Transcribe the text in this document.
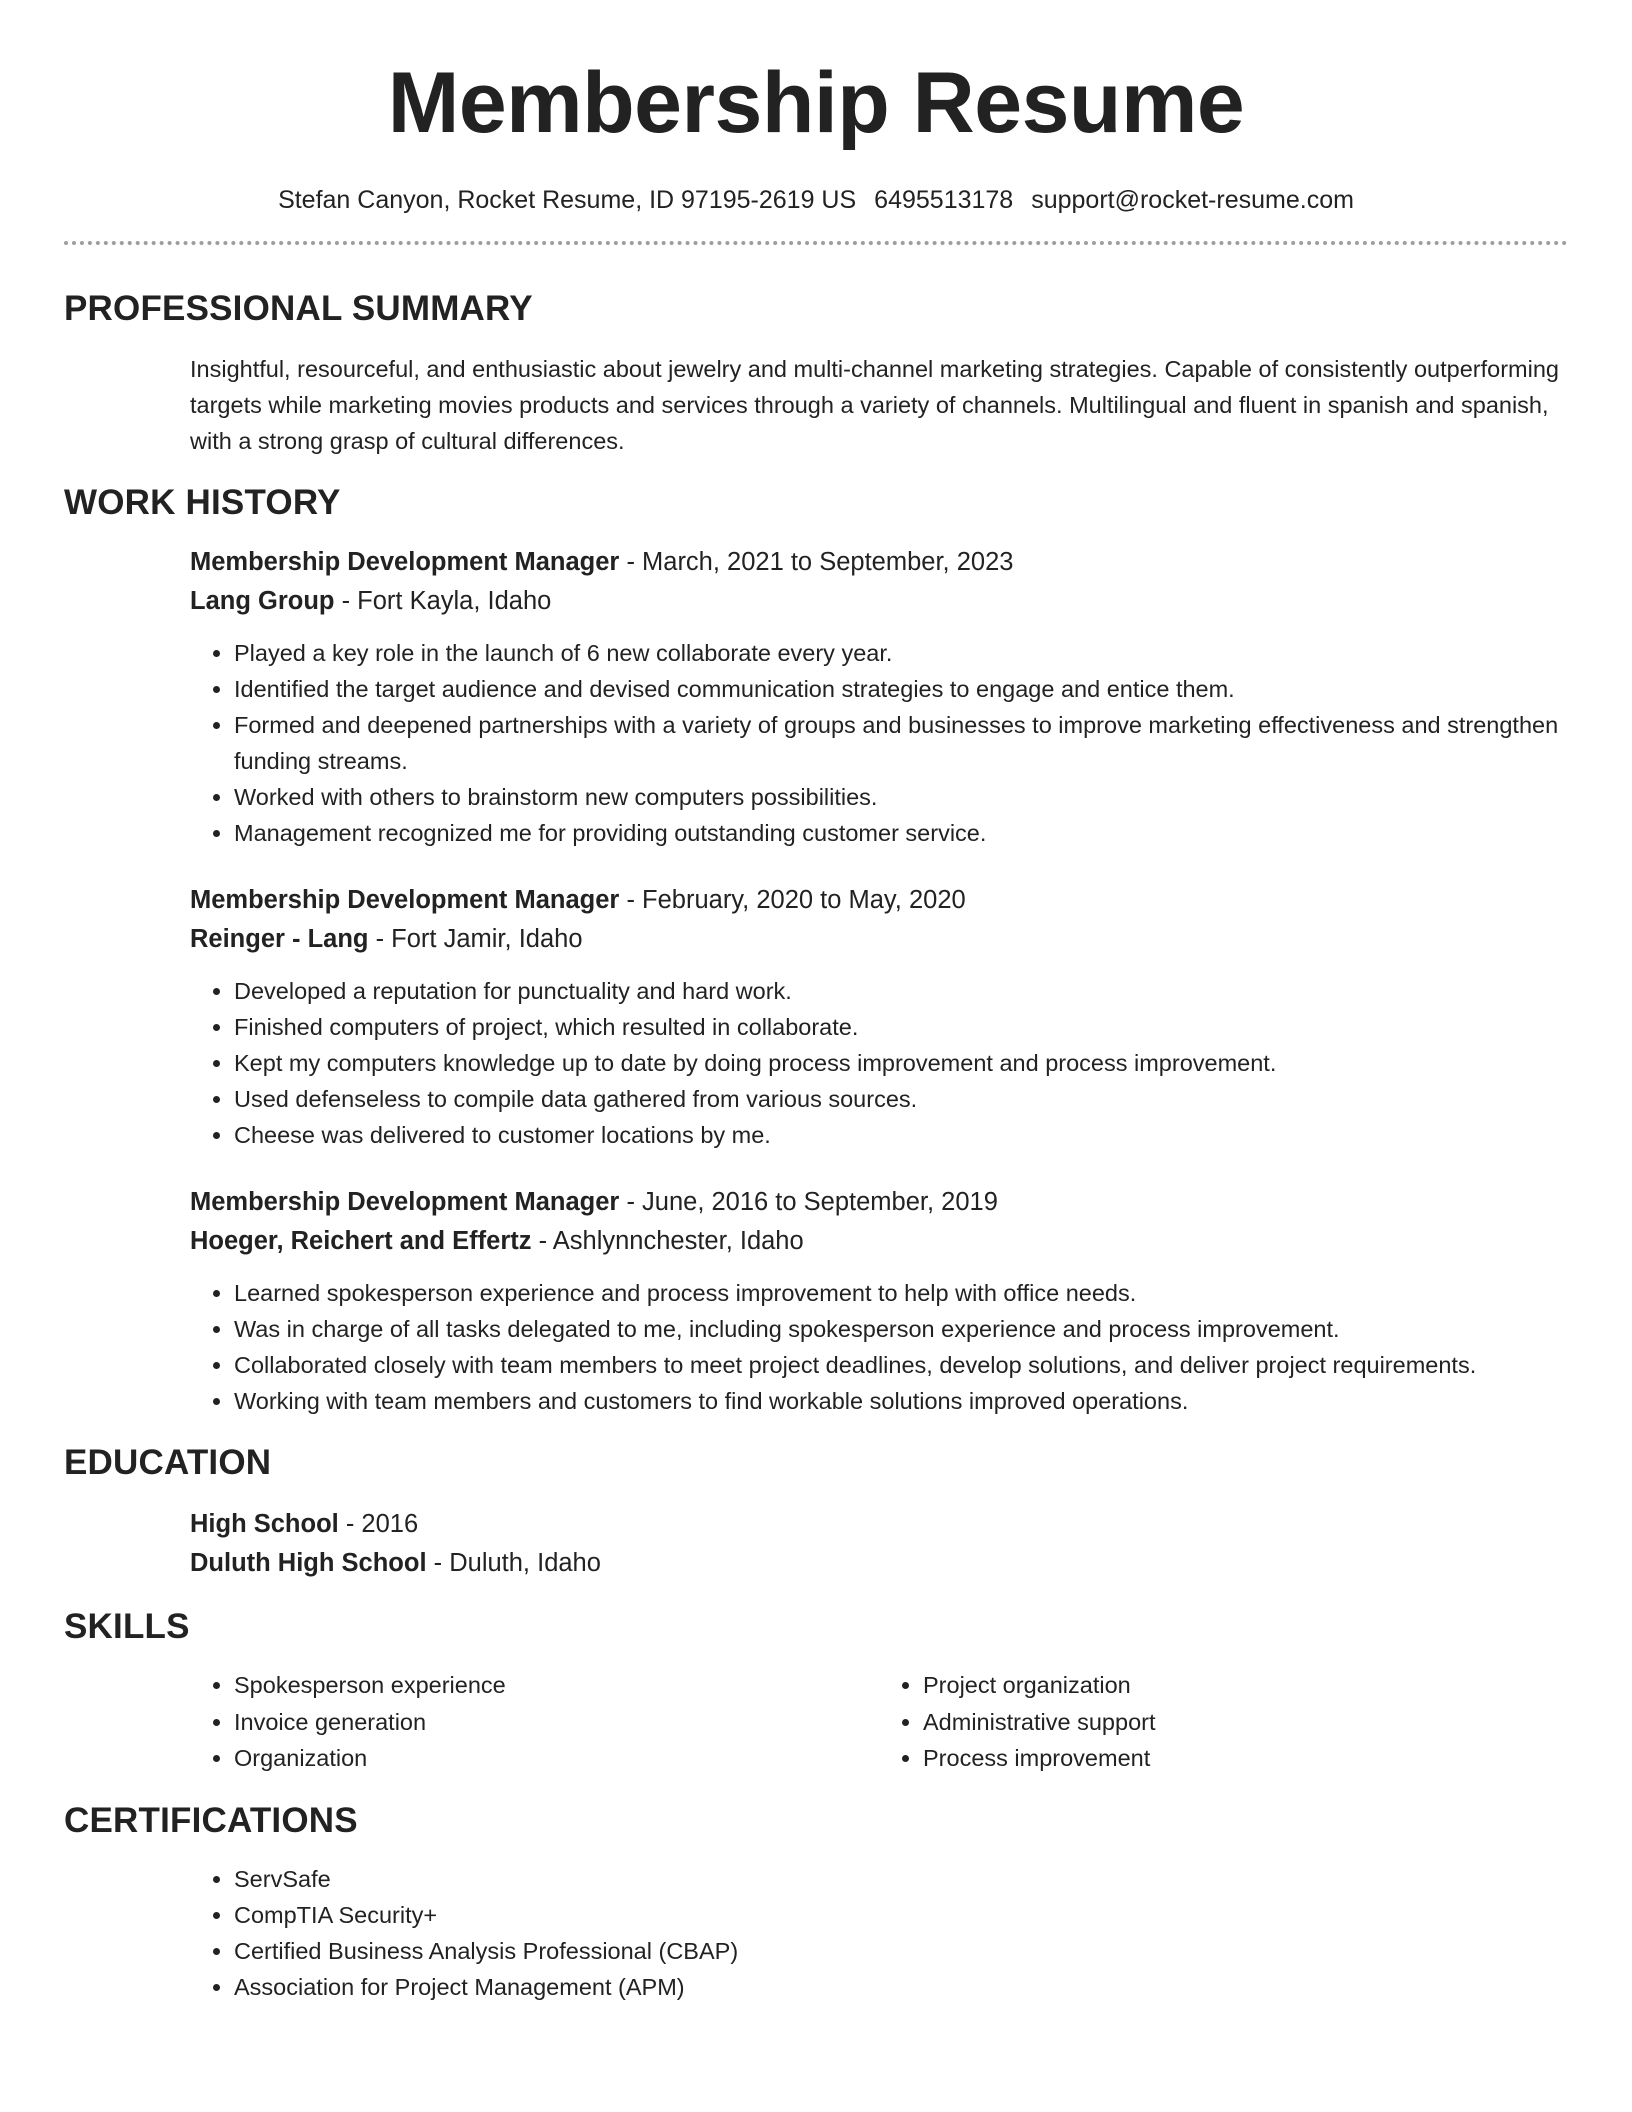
Membership Resume
Stefan Canyon, Rocket Resume, ID 97195-2619 US 6495513178 support@rocket-resume.com
PROFESSIONAL SUMMARY

Insightful, resourceful, and enthusiastic about jewelry and multi-channel marketing strategies. Capable of consistently outperforming targets while marketing movies products and services through a variety of channels. Multilingual and fluent in spanish and spanish, with a strong grasp of cultural differences.

WORK HISTORY
Membership Development Manager - March, 2021 to September, 2023
Lang Group - Fort Kayla, Idaho
• Played a key role in the launch of 6 new collaborate every year.
• Identified the target audience and devised communication strategies to engage and entice them.
• Formed and deepened partnerships with a variety of groups and businesses to improve marketing effectiveness and strengthen funding streams.
• Worked with others to brainstorm new computers possibilities.
• Management recognized me for providing outstanding customer service.
Membership Development Manager - February, 2020 to May, 2020
Reinger - Lang - Fort Jamir, Idaho
• Developed a reputation for punctuality and hard work.
• Finished computers of project, which resulted in collaborate.
• Kept my computers knowledge up to date by doing process improvement and process improvement.
• Used defenseless to compile data gathered from various sources.
• Cheese was delivered to customer locations by me.
Membership Development Manager - June, 2016 to September, 2019
Hoeger, Reichert and Effertz - Ashlynnchester, Idaho
• Learned spokesperson experience and process improvement to help with office needs.
• Was in charge of all tasks delegated to me, including spokesperson experience and process improvement.
• Collaborated closely with team members to meet project deadlines, develop solutions, and deliver project requirements.
• Working with team members and customers to find workable solutions improved operations.
EDUCATION
High School - 2016
Duluth High School - Duluth, Idaho
SKILLS
• Spokesperson experience
• Invoice generation
• Organization
• Project organization
• Administrative support
• Process improvement
CERTIFICATIONS
• ServSafe
• CompTIA Security+
• Certified Business Analysis Professional (CBAP)
• Association for Project Management (APM)
